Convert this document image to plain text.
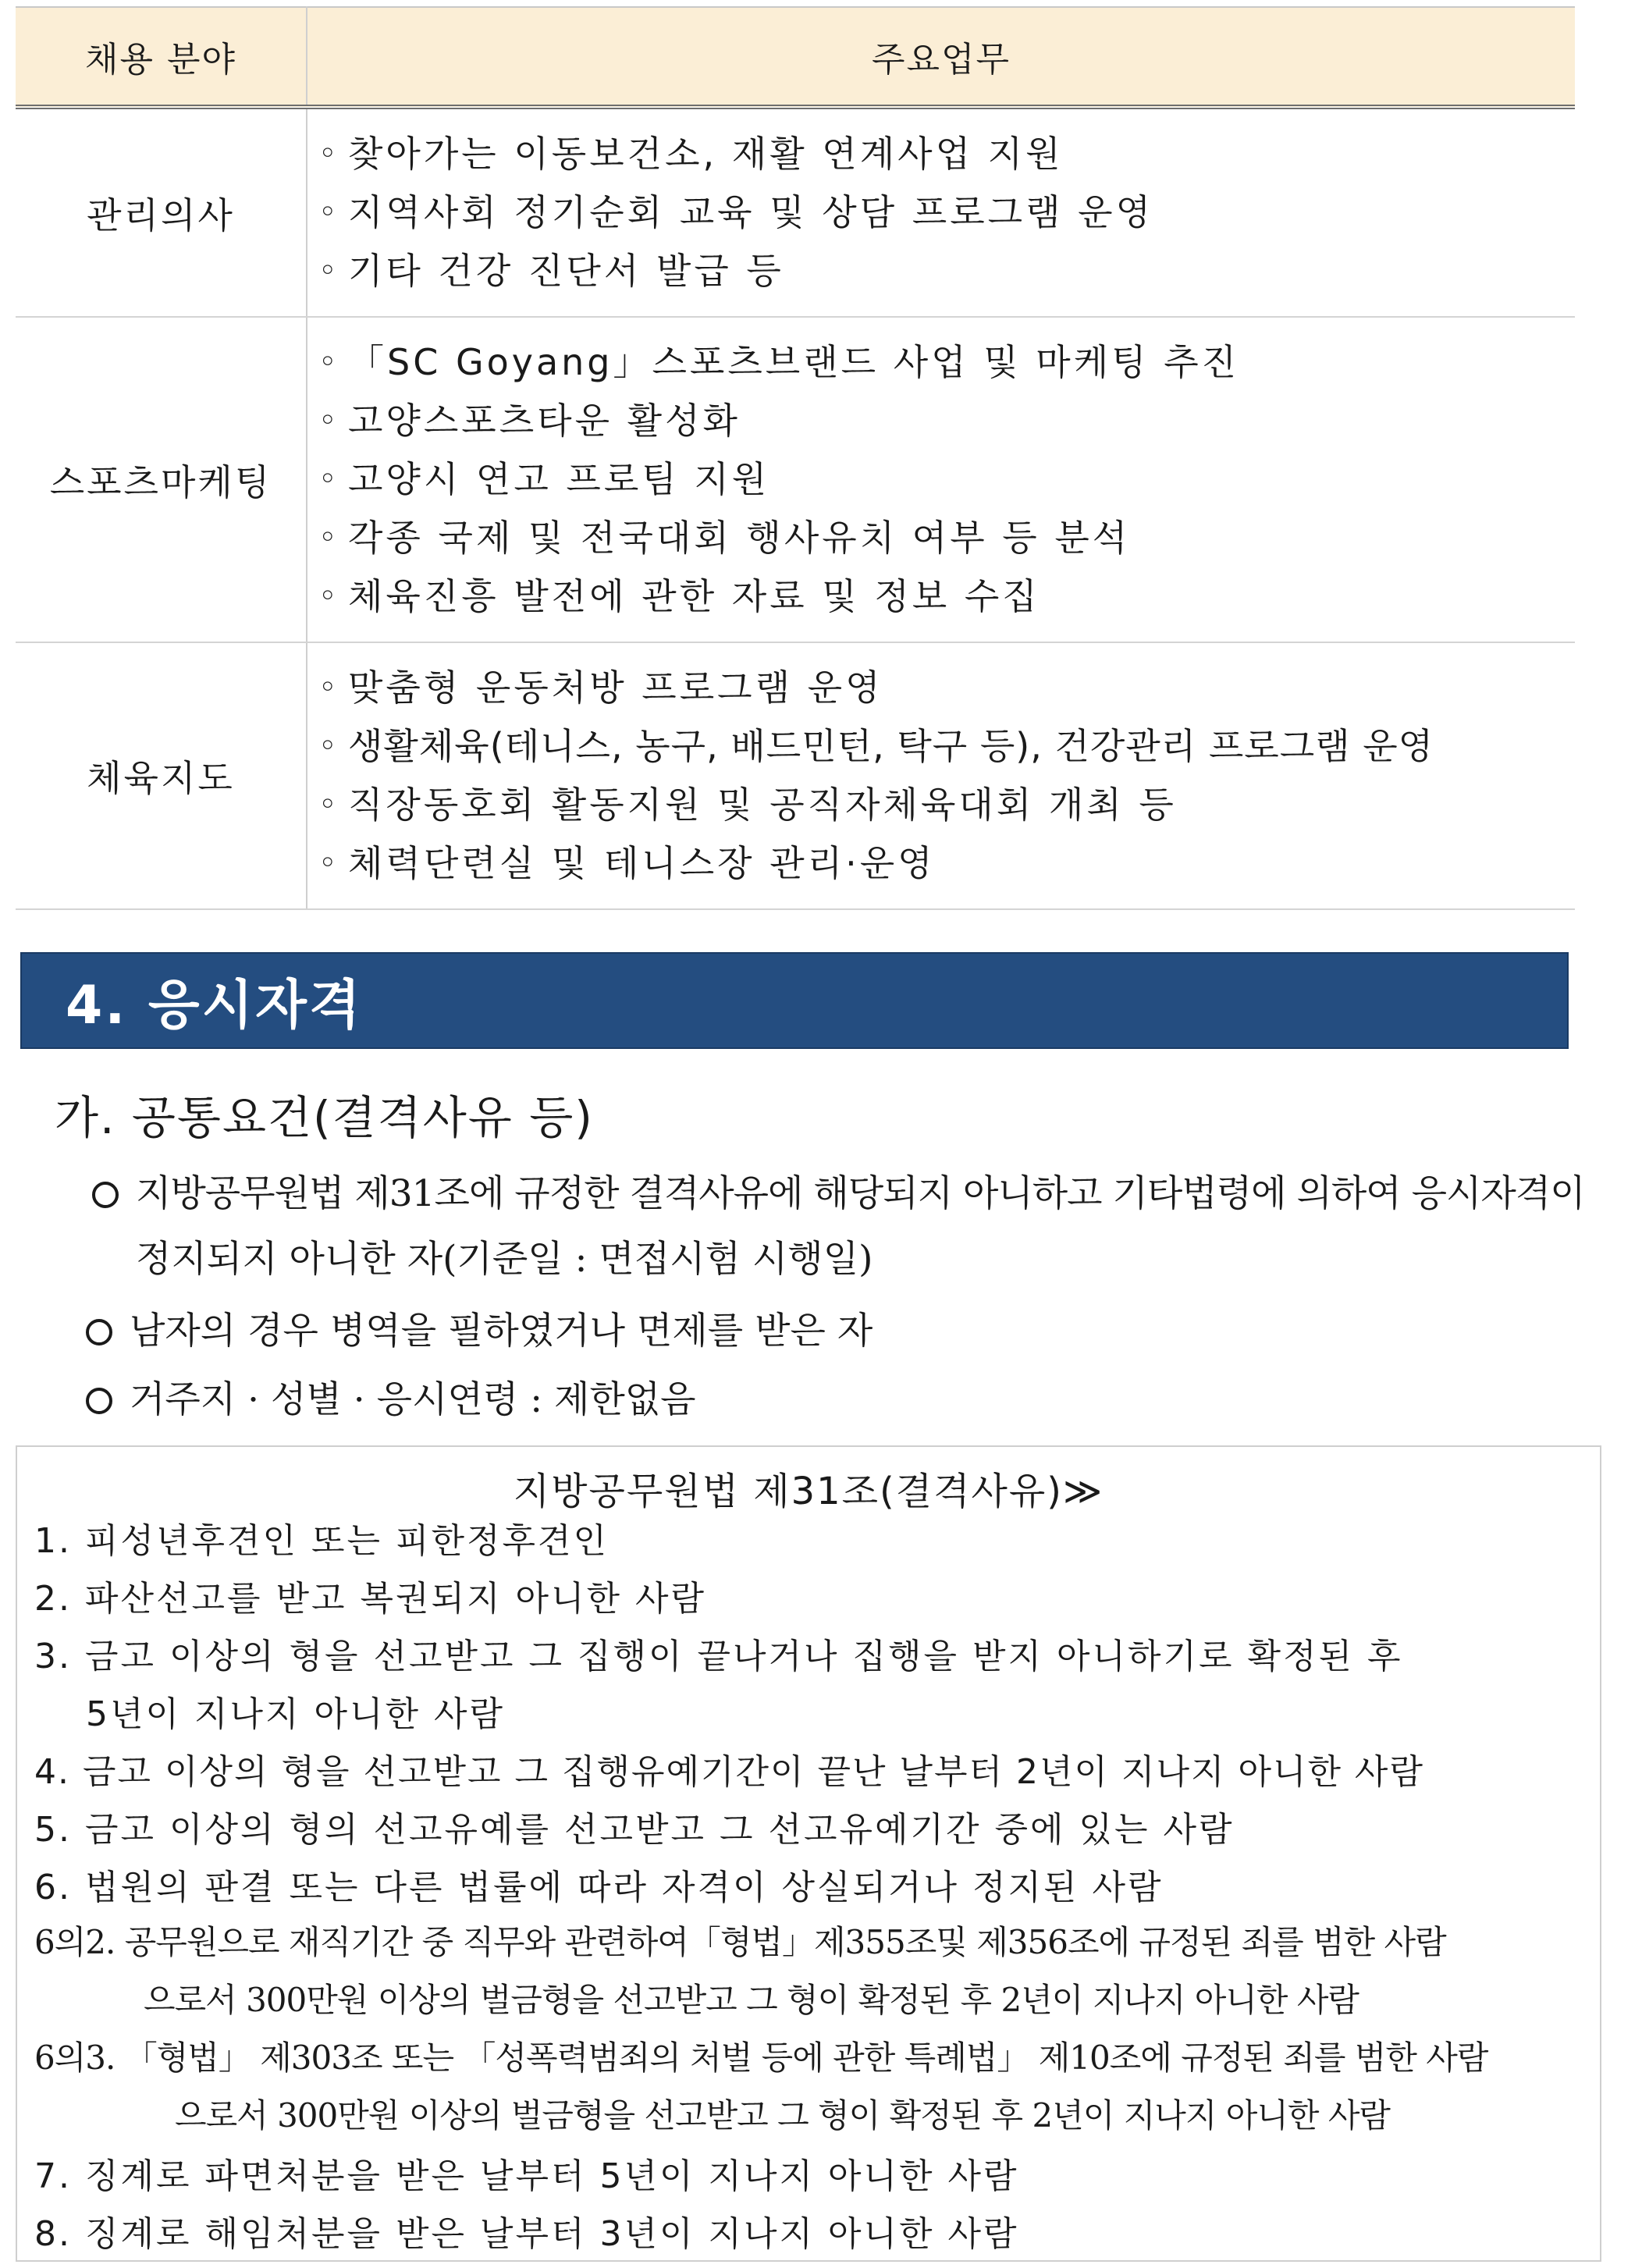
채용 분야	주요업무
관리의사	◦ 찾아가는 이동보건소, 재활 연계사업 지원
◦ 지역사회 정기순회 교육 및 상담 프로그램 운영
◦ 기타 건강 진단서 발급 등

스포츠마케팅	◦ 「SC Goyang」스포츠브랜드 사업 및 마케팅 추진
◦ 고양스포츠타운 활성화
◦ 고양시 연고 프로팀 지원
◦ 각종 국제 및 전국대회 행사유치 여부 등 분석
◦ 체육진흥 발전에 관한 자료 및 정보 수집

체육지도	◦ 맞춤형 운동처방 프로그램 운영
◦ 생활체육(테니스, 농구, 배드민턴, 탁구 등), 건강관리 프로그램 운영
◦ 직장동호회 활동지원 및 공직자체육대회 개최 등
◦ 체력단련실 및 테니스장 관리·운영
4. 응시자격
가. 공통요건(결격사유 등)
지방공무원법 제31조에 규정한 결격사유에 해당되지 아니하고 기타법령에 의하여 응시자격이
정지되지 아니한 자(기준일 : 면접시험 시행일)
남자의 경우 병역을 필하였거나 면제를 받은 자
거주지 · 성별 · 응시연령 : 제한없음
지방공무원법 제31조(결격사유)≫
1. 피성년후견인 또는 피한정후견인
2. 파산선고를 받고 복권되지 아니한 사람
3. 금고 이상의 형을 선고받고 그 집행이 끝나거나 집행을 받지 아니하기로 확정된 후
5년이 지나지 아니한 사람
4. 금고 이상의 형을 선고받고 그 집행유예기간이 끝난 날부터 2년이 지나지 아니한 사람
5. 금고 이상의 형의 선고유예를 선고받고 그 선고유예기간 중에 있는 사람
6. 법원의 판결 또는 다른 법률에 따라 자격이 상실되거나 정지된 사람
6의2. 공무원으로 재직기간 중 직무와 관련하여「형법」제355조및 제356조에 규정된 죄를 범한 사람
으로서 300만원 이상의 벌금형을 선고받고 그 형이 확정된 후 2년이 지나지 아니한 사람
6의3. 「형법」 제303조 또는 「성폭력범죄의 처벌 등에 관한 특례법」 제10조에 규정된 죄를 범한 사람
으로서 300만원 이상의 벌금형을 선고받고 그 형이 확정된 후 2년이 지나지 아니한 사람
7. 징계로 파면처분을 받은 날부터 5년이 지나지 아니한 사람
8. 징계로 해임처분을 받은 날부터 3년이 지나지 아니한 사람
